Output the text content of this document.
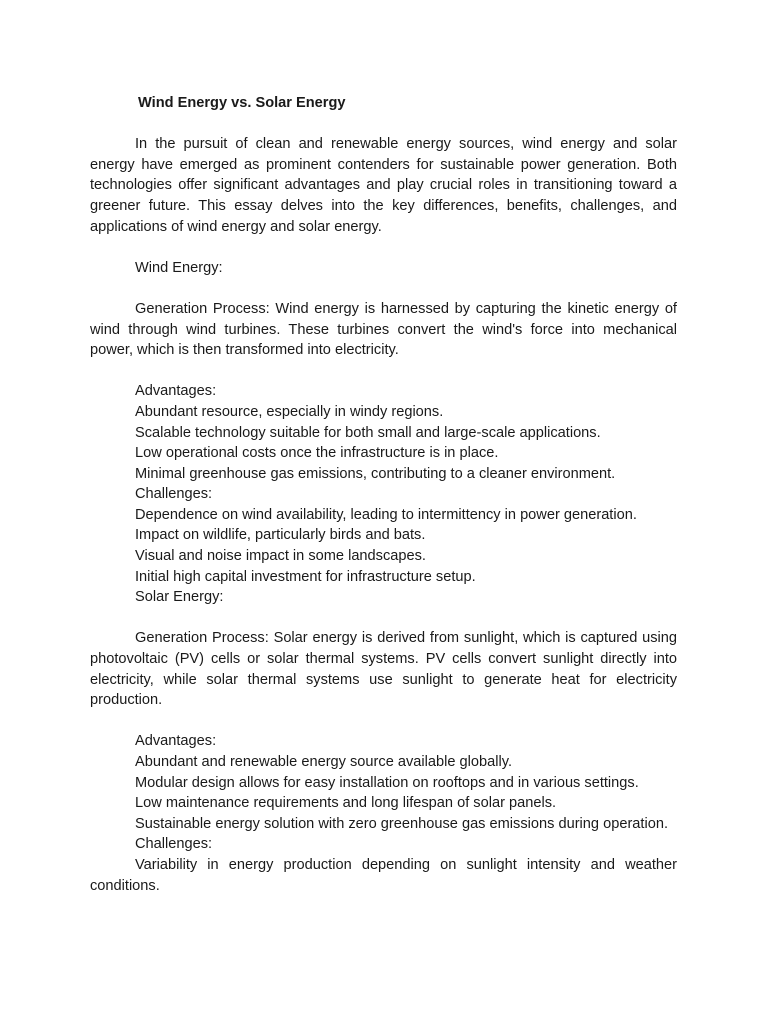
Wind Energy vs. Solar Energy

In the pursuit of clean and renewable energy sources, wind energy and solar energy have emerged as prominent contenders for sustainable power generation. Both technologies offer significant advantages and play crucial roles in transitioning toward a greener future. This essay delves into the key differences, benefits, challenges, and applications of wind energy and solar energy.

Wind Energy:

Generation Process: Wind energy is harnessed by capturing the kinetic energy of wind through wind turbines. These turbines convert the wind's force into mechanical power, which is then transformed into electricity.

Advantages:

Abundant resource, especially in windy regions.

Scalable technology suitable for both small and large-scale applications.

Low operational costs once the infrastructure is in place.

Minimal greenhouse gas emissions, contributing to a cleaner environment.

Challenges:

Dependence on wind availability, leading to intermittency in power generation.

Impact on wildlife, particularly birds and bats.

Visual and noise impact in some landscapes.

Initial high capital investment for infrastructure setup.

Solar Energy:

Generation Process: Solar energy is derived from sunlight, which is captured using photovoltaic (PV) cells or solar thermal systems. PV cells convert sunlight directly into electricity, while solar thermal systems use sunlight to generate heat for electricity production.

Advantages:

Abundant and renewable energy source available globally.

Modular design allows for easy installation on rooftops and in various settings.

Low maintenance requirements and long lifespan of solar panels.

Sustainable energy solution with zero greenhouse gas emissions during operation.

Challenges:

Variability in energy production depending on sunlight intensity and weather conditions.
